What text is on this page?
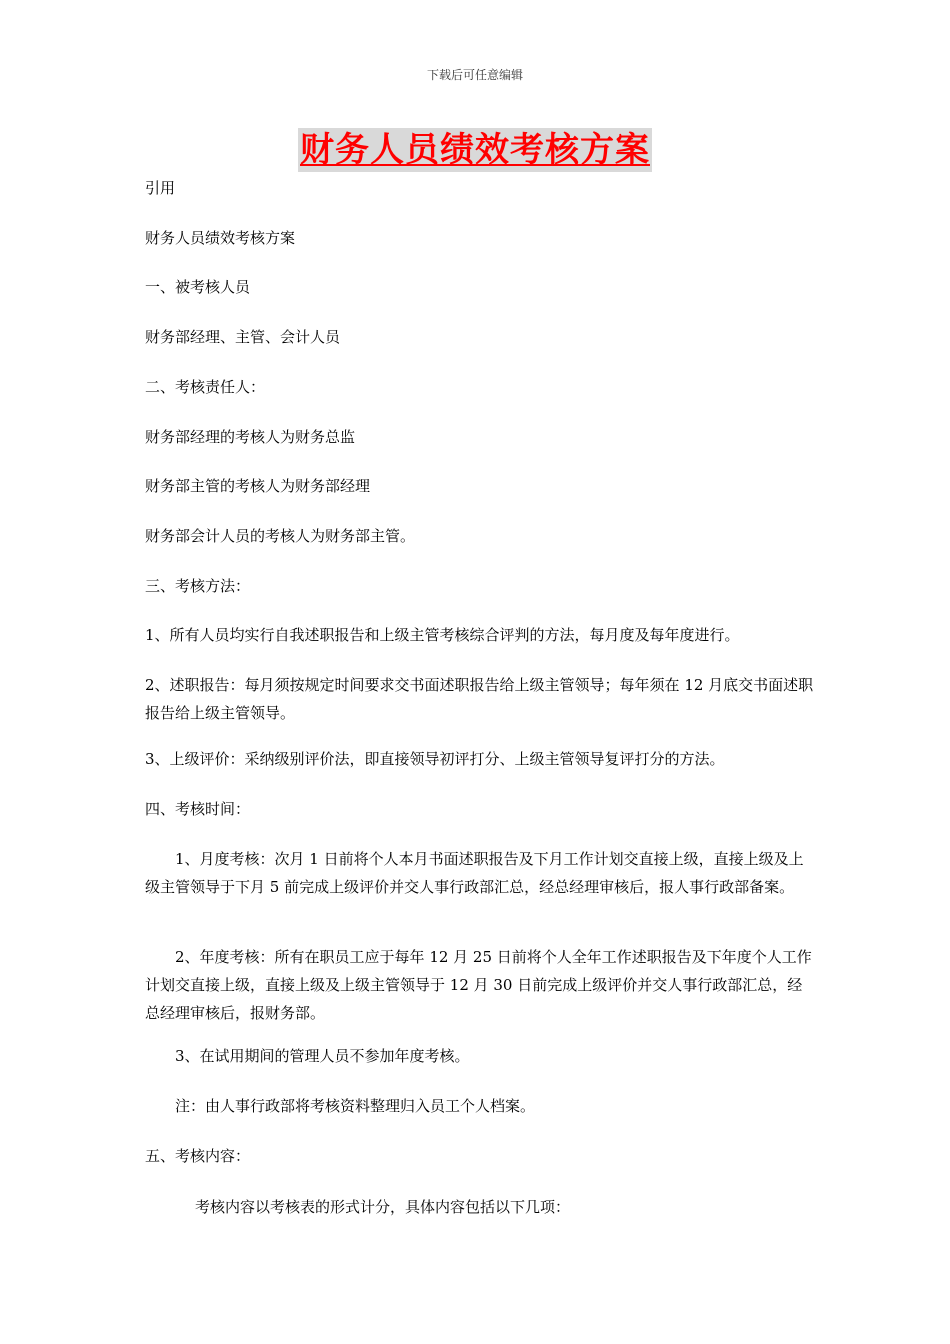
下载后可任意编辑
财务人员绩效考核方案
引用
财务人员绩效考核方案
一、被考核人员
财务部经理、主管、会计人员
二、考核责任人：
财务部经理的考核人为财务总监
财务部主管的考核人为财务部经理
财务部会计人员的考核人为财务部主管。
三、考核方法：
1、所有人员均实行自我述职报告和上级主管考核综合评判的方法，每月度及每年度进行。
2、述职报告：每月须按规定时间要求交书面述职报告给上级主管领导；每年须在 12 月底交书面述职报告给上级主管领导。
3、上级评价：采纳级别评价法，即直接领导初评打分、上级主管领导复评打分的方法。
四、考核时间：
1、月度考核：次月 1 日前将个人本月书面述职报告及下月工作计划交直接上级，直接上级及上级主管领导于下月 5 前完成上级评价并交人事行政部汇总，经总经理审核后，报人事行政部备案。
2、年度考核：所有在职员工应于每年 12 月 25 日前将个人全年工作述职报告及下年度个人工作计划交直接上级，直接上级及上级主管领导于 12 月 30 日前完成上级评价并交人事行政部汇总，经总经理审核后，报财务部。
3、在试用期间的管理人员不参加年度考核。
注：由人事行政部将考核资料整理归入员工个人档案。
五、考核内容：
考核内容以考核表的形式计分，具体内容包括以下几项：
